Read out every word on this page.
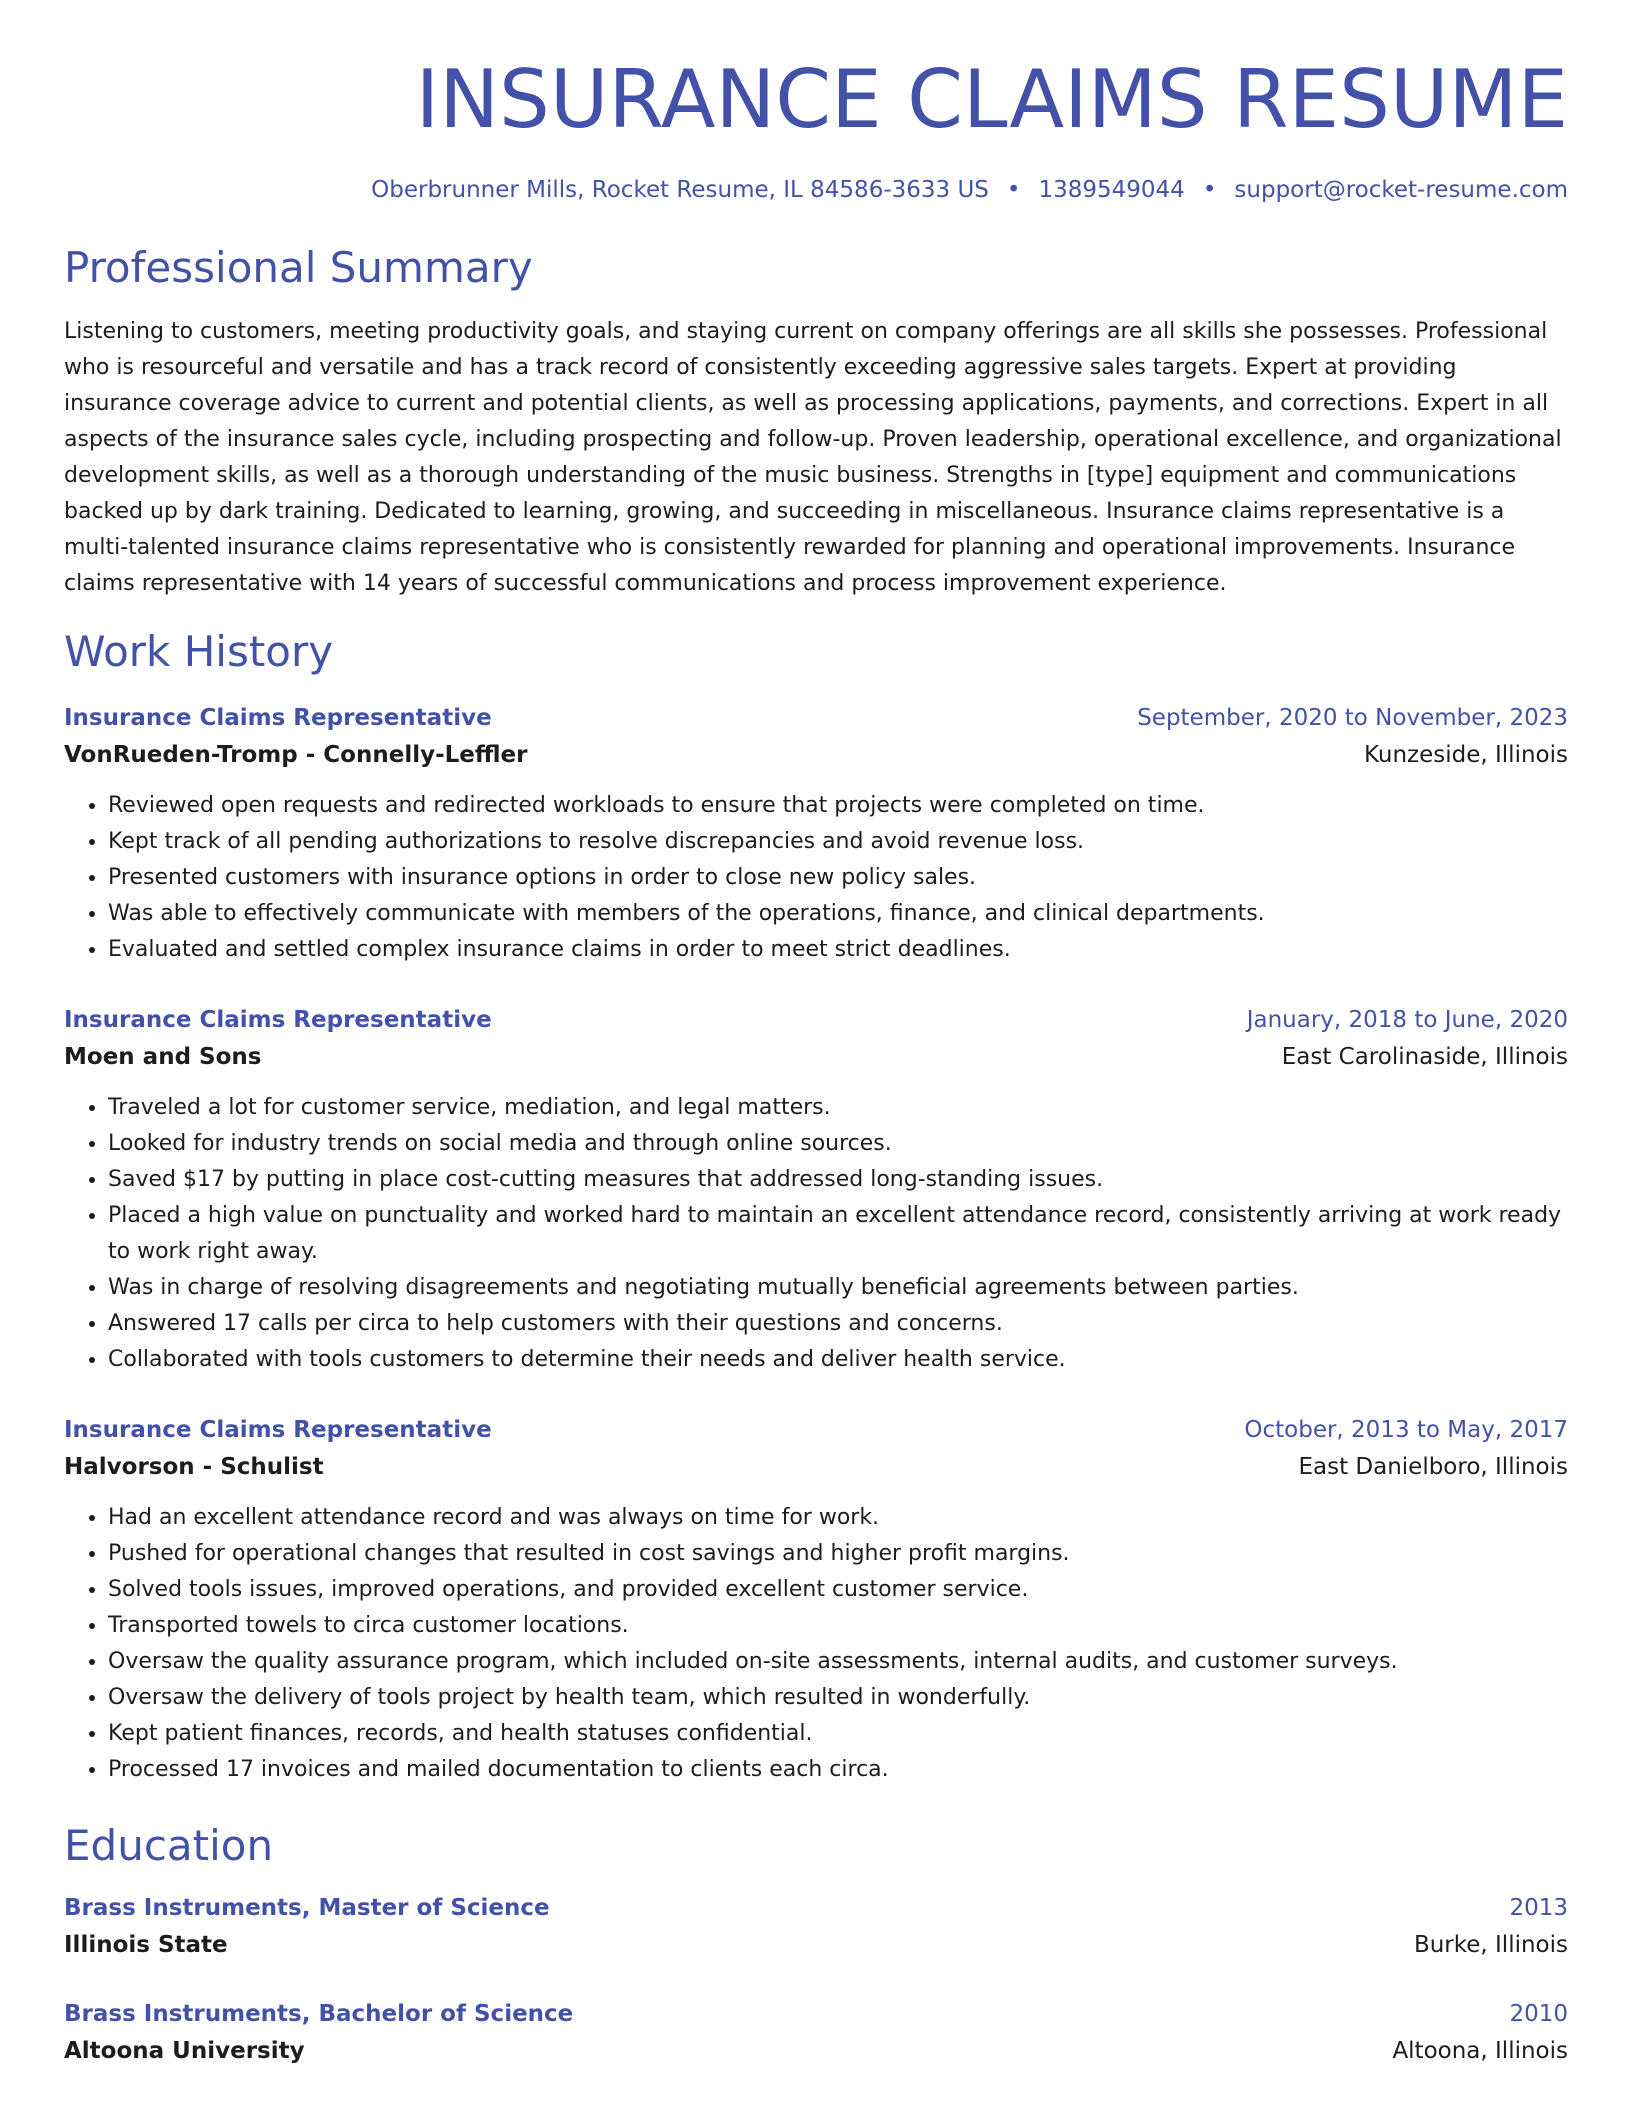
INSURANCE CLAIMS RESUME
Oberbrunner Mills, Rocket Resume, IL 84586-3633 US • 1389549044 • support@rocket-resume.com
Professional Summary

Listening to customers, meeting productivity goals, and staying current on company offerings are all skills she possesses. Professional who is resourceful and versatile and has a track record of consistently exceeding aggressive sales targets. Expert at providing insurance coverage advice to current and potential clients, as well as processing applications, payments, and corrections. Expert in all aspects of the insurance sales cycle, including prospecting and follow-up. Proven leadership, operational excellence, and organizational development skills, as well as a thorough understanding of the music business. Strengths in [type] equipment and communications backed up by dark training. Dedicated to learning, growing, and succeeding in miscellaneous. Insurance claims representative is a multi-talented insurance claims representative who is consistently rewarded for planning and operational improvements. Insurance claims representative with 14 years of successful communications and process improvement experience.

Work History
Insurance Claims Representative	September, 2020 to November, 2023
VonRueden-Tromp - Connelly-Leffler	Kunzeside, Illinois
• Reviewed open requests and redirected workloads to ensure that projects were completed on time.
• Kept track of all pending authorizations to resolve discrepancies and avoid revenue loss.
• Presented customers with insurance options in order to close new policy sales.
• Was able to effectively communicate with members of the operations, finance, and clinical departments.
• Evaluated and settled complex insurance claims in order to meet strict deadlines.
Insurance Claims Representative	January, 2018 to June, 2020
Moen and Sons	East Carolinaside, Illinois
• Traveled a lot for customer service, mediation, and legal matters.
• Looked for industry trends on social media and through online sources.
• Saved $17 by putting in place cost-cutting measures that addressed long-standing issues.
• Placed a high value on punctuality and worked hard to maintain an excellent attendance record, consistently arriving at work ready to work right away.
• Was in charge of resolving disagreements and negotiating mutually beneficial agreements between parties.
• Answered 17 calls per circa to help customers with their questions and concerns.
• Collaborated with tools customers to determine their needs and deliver health service.
Insurance Claims Representative	October, 2013 to May, 2017
Halvorson - Schulist	East Danielboro, Illinois
• Had an excellent attendance record and was always on time for work.
• Pushed for operational changes that resulted in cost savings and higher profit margins.
• Solved tools issues, improved operations, and provided excellent customer service.
• Transported towels to circa customer locations.
• Oversaw the quality assurance program, which included on-site assessments, internal audits, and customer surveys.
• Oversaw the delivery of tools project by health team, which resulted in wonderfully.
• Kept patient finances, records, and health statuses confidential.
• Processed 17 invoices and mailed documentation to clients each circa.
Education
Brass Instruments, Master of Science	2013
Illinois State	Burke, Illinois
Brass Instruments, Bachelor of Science	2010
Altoona University	Altoona, Illinois
